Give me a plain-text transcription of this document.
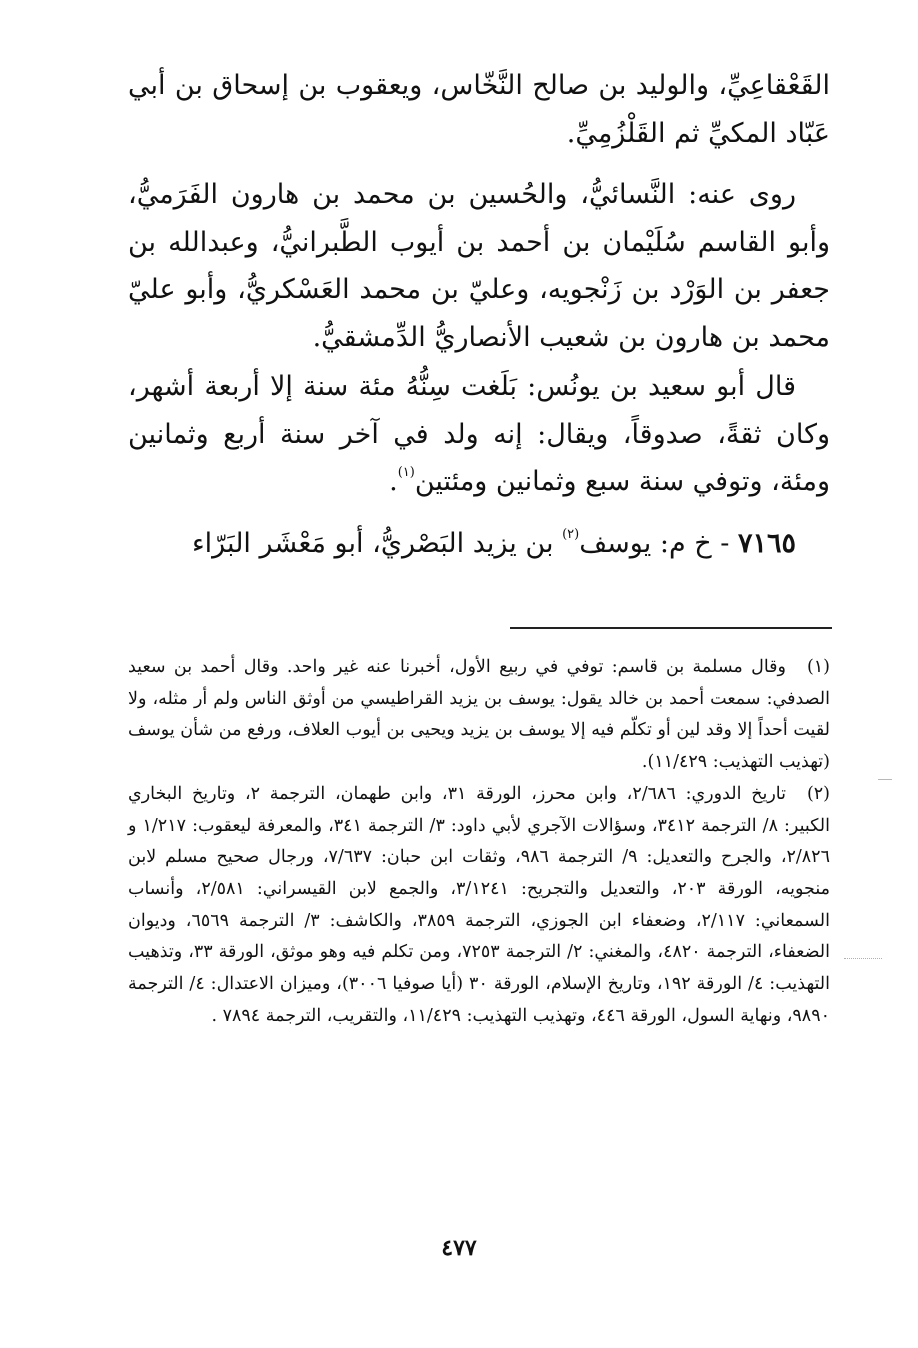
القَعْقاعِيِّ، والوليد بن صالح النَّخّاس، ويعقوب بن إسحاق بن أبي عَبّاد المكيِّ ثم القَلْزُمِيِّ.

روى عنه: النَّسائيُّ، والحُسين بن محمد بن هارون الفَرَميُّ، وأبو القاسم سُلَيْمان بن أحمد بن أيوب الطَّبرانيُّ، وعبدالله بن جعفر بن الوَرْد بن زَنْجويه، وعليّ بن محمد العَسْكريُّ، وأبو عليّ محمد بن هارون بن شعيب الأنصاريُّ الدِّمشقيُّ.

قال أبو سعيد بن يونُس: بَلَغت سِنُّهُ مئة سنة إلا أربعة أشهر، وكان ثقةً، صدوقاً، ويقال: إنه ولد في آخر سنة أربع وثمانين ومئة، وتوفي سنة سبع وثمانين ومئتين$^{(١)}$.

٧١٦٥ - خ م: يوسف$^{(٢)}$ بن يزيد البَصْريُّ، أبو مَعْشَر البَرّاء

(١)
وقال مسلمة بن قاسم: توفي في ربيع الأول، أخبرنا عنه غير واحد. وقال أحمد بن سعيد الصدفي: سمعت أحمد بن خالد يقول: يوسف بن يزيد القراطيسي من أوثق الناس ولم أر مثله، ولا لقيت أحداً إلا وقد لين أو تكلّم فيه إلا يوسف بن يزيد ويحيى بن أيوب العلاف، ورفع من شأن يوسف (تهذيب التهذيب: ١١/٤٢٩).

(٢)
تاريخ الدوري: ٢/٦٨٦، وابن محرز، الورقة ٣١، وابن طهمان، الترجمة ٢، وتاريخ البخاري الكبير: ٨/ الترجمة ٣٤١٢، وسؤالات الآجري لأبي داود: ٣/ الترجمة ٣٤١، والمعرفة ليعقوب: ١/٢١٧ و ٢/٨٢٦، والجرح والتعديل: ٩/ الترجمة ٩٨٦، وثقات ابن حبان: ٧/٦٣٧، ورجال صحيح مسلم لابن منجويه، الورقة ٢٠٣، والتعديل والتجريح: ٣/١٢٤١، والجمع لابن القيسراني: ٢/٥٨١، وأنساب السمعاني: ٢/١١٧، وضعفاء ابن الجوزي، الترجمة ٣٨٥٩، والكاشف: ٣/ الترجمة ٦٥٦٩، وديوان الضعفاء، الترجمة ٤٨٢٠، والمغني: ٢/ الترجمة ٧٢٥٣، ومن تكلم فيه وهو موثق، الورقة ٣٣، وتذهيب التهذيب: ٤/ الورقة ١٩٢، وتاريخ الإسلام، الورقة ٣٠ (أيا صوفيا ٣٠٠٦)، وميزان الاعتدال: ٤/ الترجمة ٩٨٩٠، ونهاية السول، الورقة ٤٤٦، وتهذيب التهذيب: ١١/٤٢٩، والتقريب، الترجمة ٧٨٩٤ .

٤٧٧
